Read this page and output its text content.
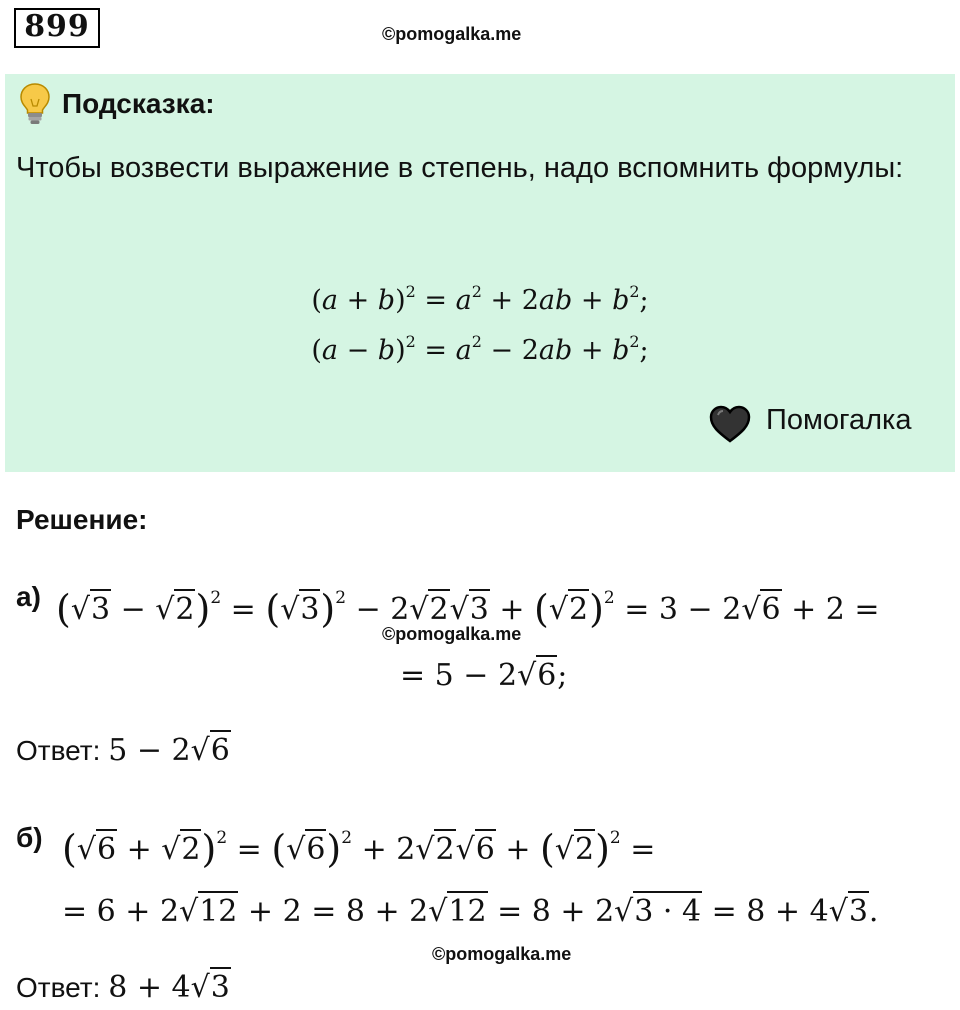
899	©pomogalka.me
Подсказка:
Чтобы возвести выражение в степень, надо вспомнить формулы:
$(a + b)^2 = a^2 + 2ab + b^2$;
$(a - b)^2 = a^2 - 2ab + b^2$;
Помогалка
Решение:
а) $(√3 - √2)^2 = (√3)^2 - 2√2√3 + (√2)^2 = 3 - 2√6 + 2$ =
©pomogalka.me
= 5 − 2√6;
Ответ: 5 − 2√6
б) $(√6 + √2)^2 = (√6)^2 + 2√2√6 + (√2)^2$ =
= 6 + 2√12 + 2 = 8 + 2√12 = 8 + 2√3 · 4 = 8 + 4√3.
©pomogalka.me
Ответ: 8 + 4√3
